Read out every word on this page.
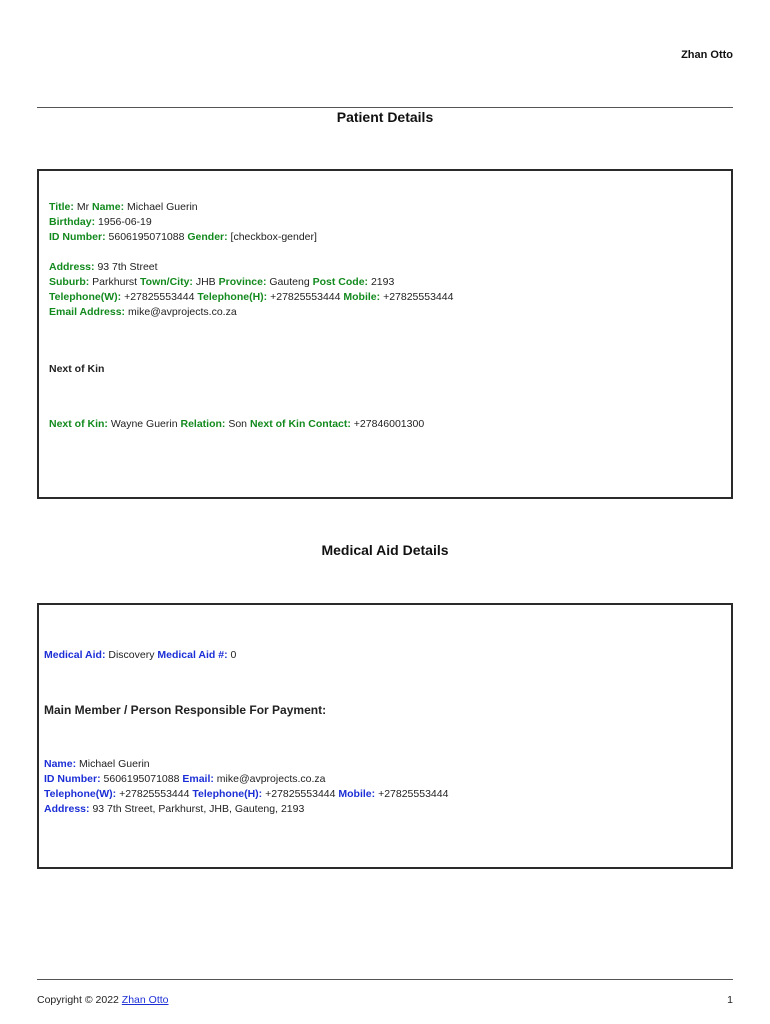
Zhan Otto
Patient Details
Title: Mr Name: Michael Guerin
Birthday: 1956-06-19
ID Number: 5606195071088 Gender: [checkbox-gender]
Address: 93 7th Street
Suburb: Parkhurst Town/City: JHB Province: Gauteng Post Code: 2193
Telephone(W): +27825553444 Telephone(H): +27825553444 Mobile: +27825553444
Email Address: mike@avprojects.co.za
Next of Kin
Next of Kin: Wayne Guerin Relation: Son Next of Kin Contact: +27846001300
Medical Aid Details
Medical Aid: Discovery Medical Aid #: 0
Main Member / Person Responsible For Payment:
Name: Michael Guerin
ID Number: 5606195071088 Email: mike@avprojects.co.za
Telephone(W): +27825553444 Telephone(H): +27825553444 Mobile: +27825553444
Address: 93 7th Street, Parkhurst, JHB, Gauteng, 2193
Copyright © 2022 Zhan Otto	1
